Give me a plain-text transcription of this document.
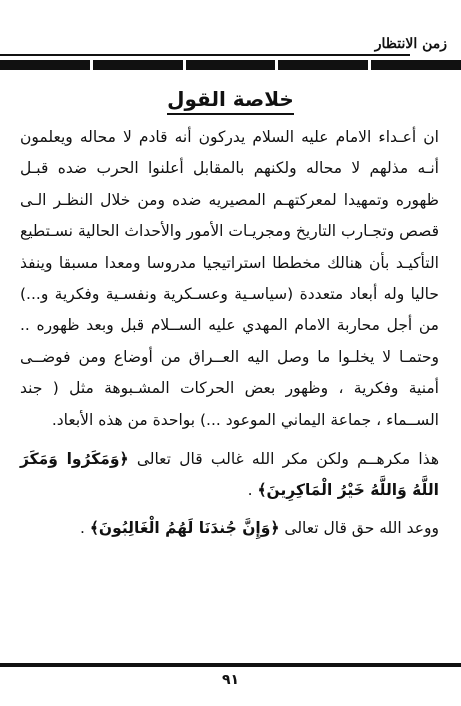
زمن الانتظار
خلاصة القول

ان أعـداء الامام عليه السلام يدركون أنه قادم لا محاله ويعلمون أنـه مذلهم لا محاله ولكنهم بالمقابل أعلنوا الحرب ضده قبـل ظهوره وتمهيدا لمعركتهـم المصيريه ضده ومن خلال النظـر الـى قصص وتجـارب التاريخ ومجريـات الأمور والأحداث الحالية نسـتطيع التأكيـد بأن هنالك مخططا استراتيجيا مدروسا ومعدا مسبقا وينفذ حاليا وله أبعاد متعددة (سياسـية وعسـكرية ونفسـية وفكرية و...) من أجل محاربة الامام المهدي عليه الســلام قبل وبعد ظهوره .. وحتمـا لا يخلـوا ما وصل اليه العــراق من أوضاع ومن فوضــى أمنية وفكرية ، وظهور بعض الحركات المشـبوهة مثل ( جند الســماء ، جماعة اليماني الموعود ...) بواحدة من هذه الأبعاد.

هذا مكرهــم ولكن مكر الله غالب قال تعالى ﴿وَمَكَرُوا وَمَكَرَ اللَّهُ وَاللَّهُ خَيْرُ الْمَاكِرِينَ﴾ .

ووعد الله حق قال تعالى ﴿وَإِنَّ جُندَنَا لَهُمُ الْغَالِبُونَ﴾ .

٩١
